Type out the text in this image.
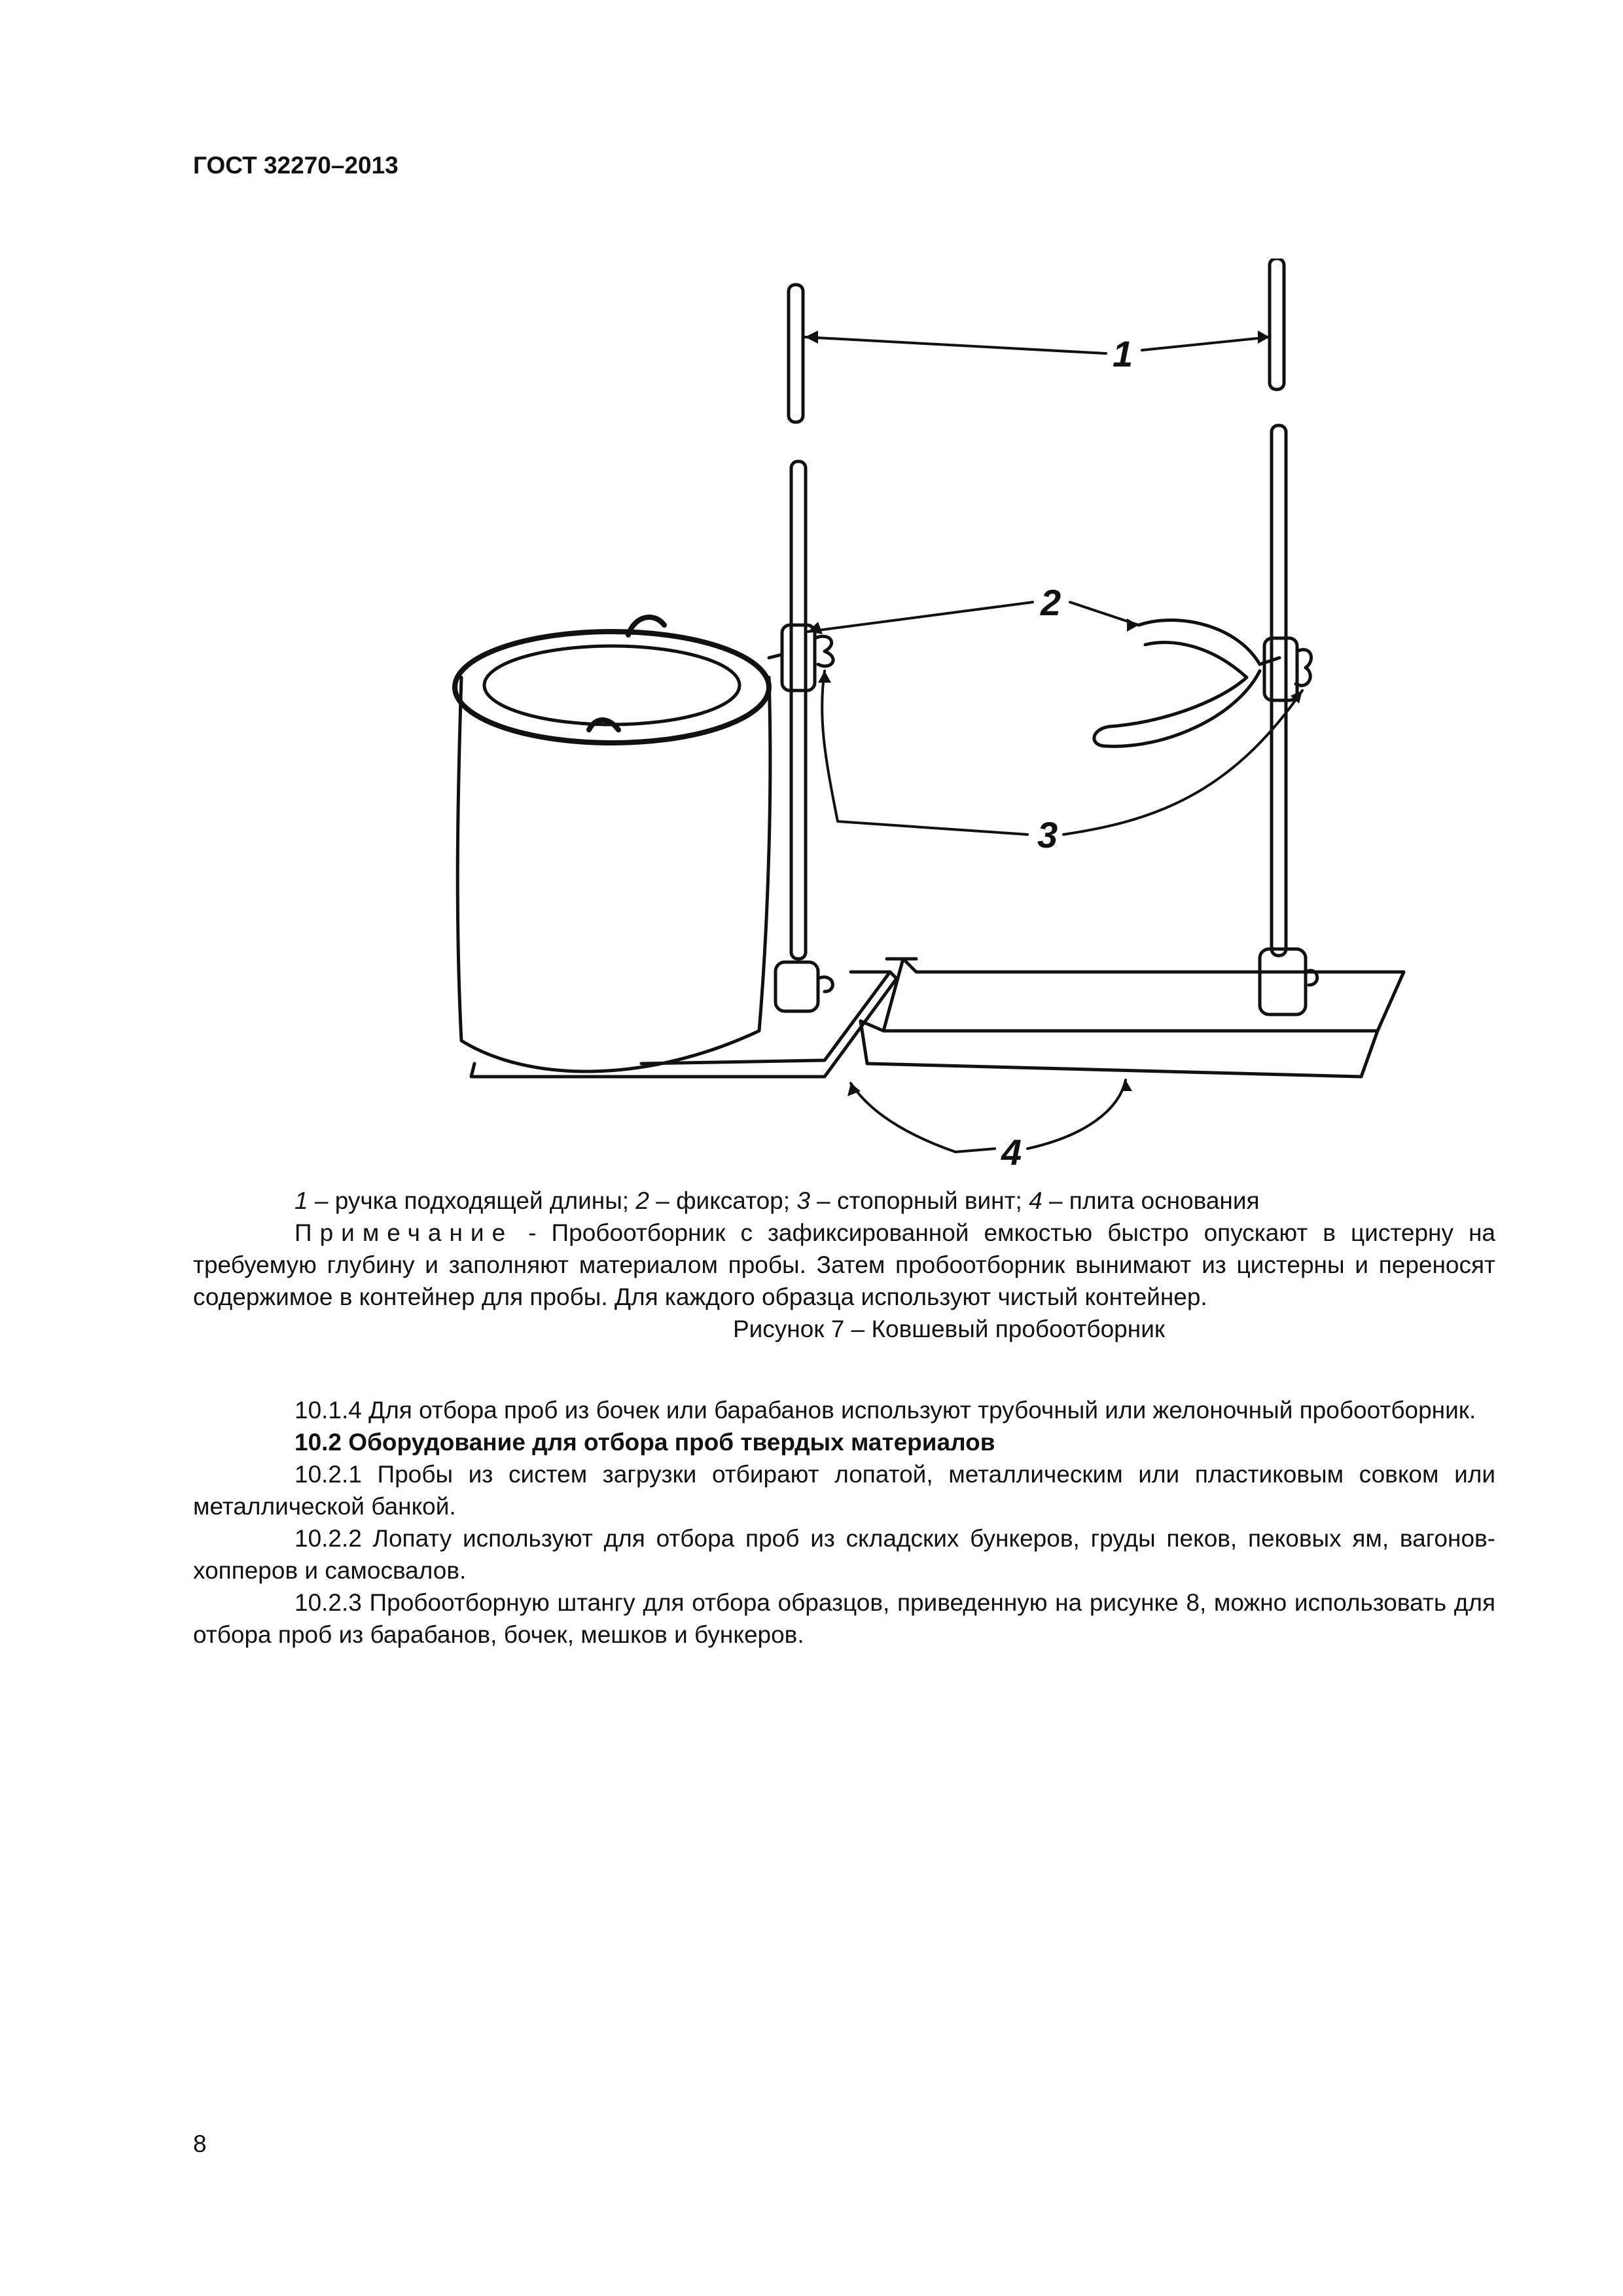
ГОСТ 32270–2013
1
2
3
4

1 – ручка подходящей длины; 2 – фиксатор; 3 – стопорный винт; 4 – плита основания

Примечание - Пробоотборник с зафиксированной емкостью быстро опускают в цистерну на требуемую глубину и заполняют материалом пробы. Затем пробоотборник вынимают из цистерны и переносят содержимое в контейнер для пробы. Для каждого образца используют чистый контейнер.

Рисунок 7 – Ковшевый пробоотборник

10.1.4 Для отбора проб из бочек или барабанов используют трубочный или желоночный пробоотборник.

10.2 Оборудование для отбора проб твердых материалов

10.2.1 Пробы из систем загрузки отбирают лопатой, металлическим или пластиковым совком или металлической банкой.

10.2.2 Лопату используют для отбора проб из складских бункеров, груды пеков, пековых ям, вагонов-хопперов и самосвалов.

10.2.3 Пробоотборную штангу для отбора образцов, приведенную на рисунке 8, можно использовать для отбора проб из барабанов, бочек, мешков и бункеров.

8
